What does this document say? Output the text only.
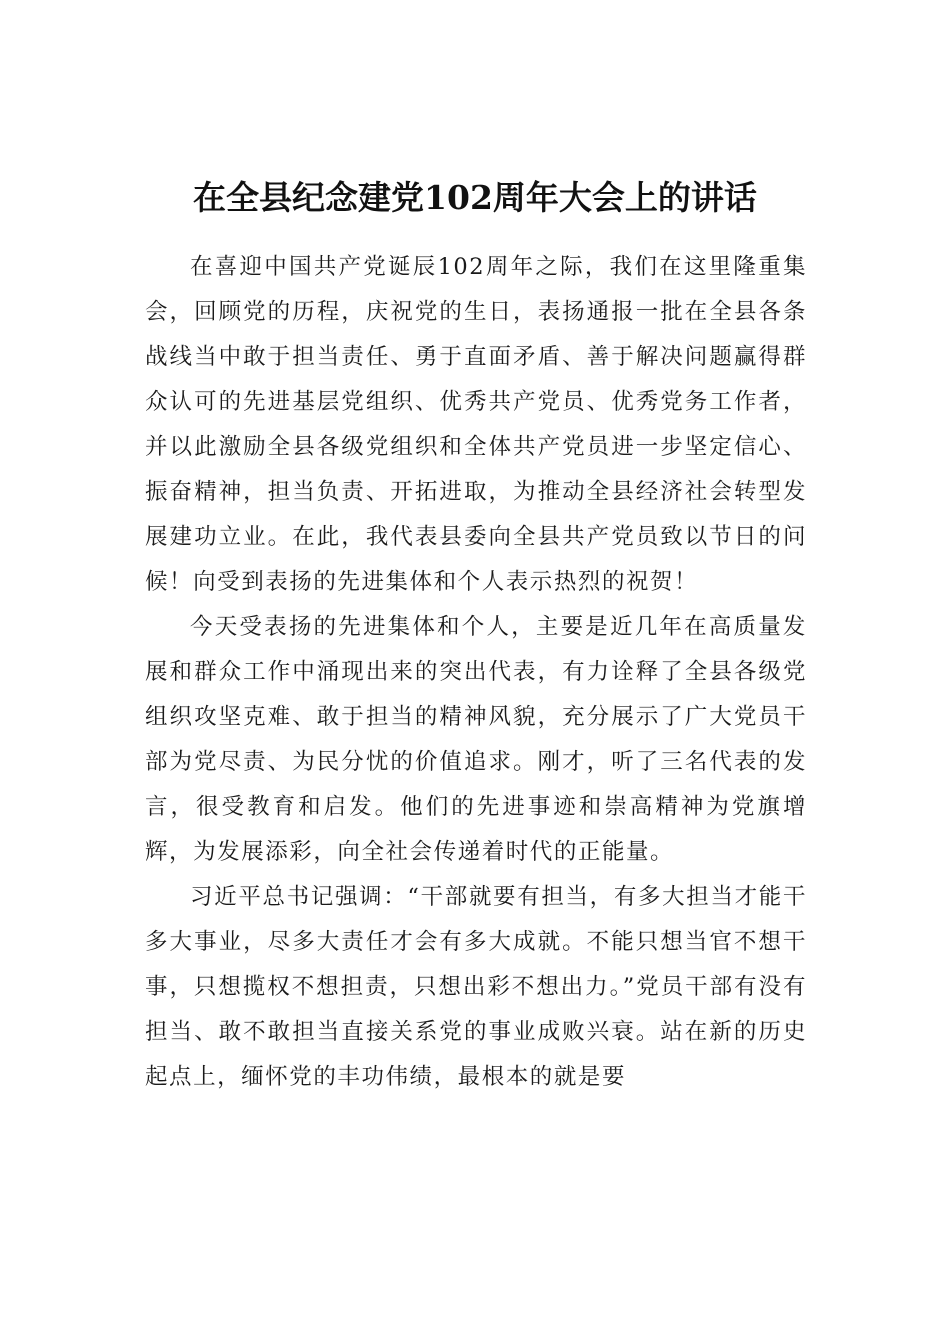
在全县纪念建党102周年大会上的讲话

在喜迎中国共产党诞辰102周年之际，我们在这里隆重集会，回顾党的历程，庆祝党的生日，表扬通报一批在全县各条战线当中敢于担当责任、勇于直面矛盾、善于解决问题赢得群众认可的先进基层党组织、优秀共产党员、优秀党务工作者，并以此激励全县各级党组织和全体共产党员进一步坚定信心、振奋精神，担当负责、开拓进取，为推动全县经济社会转型发展建功立业。在此，我代表县委向全县共产党员致以节日的问候！向受到表扬的先进集体和个人表示热烈的祝贺！

今天受表扬的先进集体和个人，主要是近几年在高质量发展和群众工作中涌现出来的突出代表，有力诠释了全县各级党组织攻坚克难、敢于担当的精神风貌，充分展示了广大党员干部为党尽责、为民分忧的价值追求。刚才，听了三名代表的发言，很受教育和启发。他们的先进事迹和崇高精神为党旗增辉，为发展添彩，向全社会传递着时代的正能量。

习近平总书记强调：“干部就要有担当，有多大担当才能干多大事业，尽多大责任才会有多大成就。不能只想当官不想干事，只想揽权不想担责，只想出彩不想出力。”党员干部有没有担当、敢不敢担当直接关系党的事业成败兴衰。站在新的历史起点上，缅怀党的丰功伟绩，最根本的就是要
